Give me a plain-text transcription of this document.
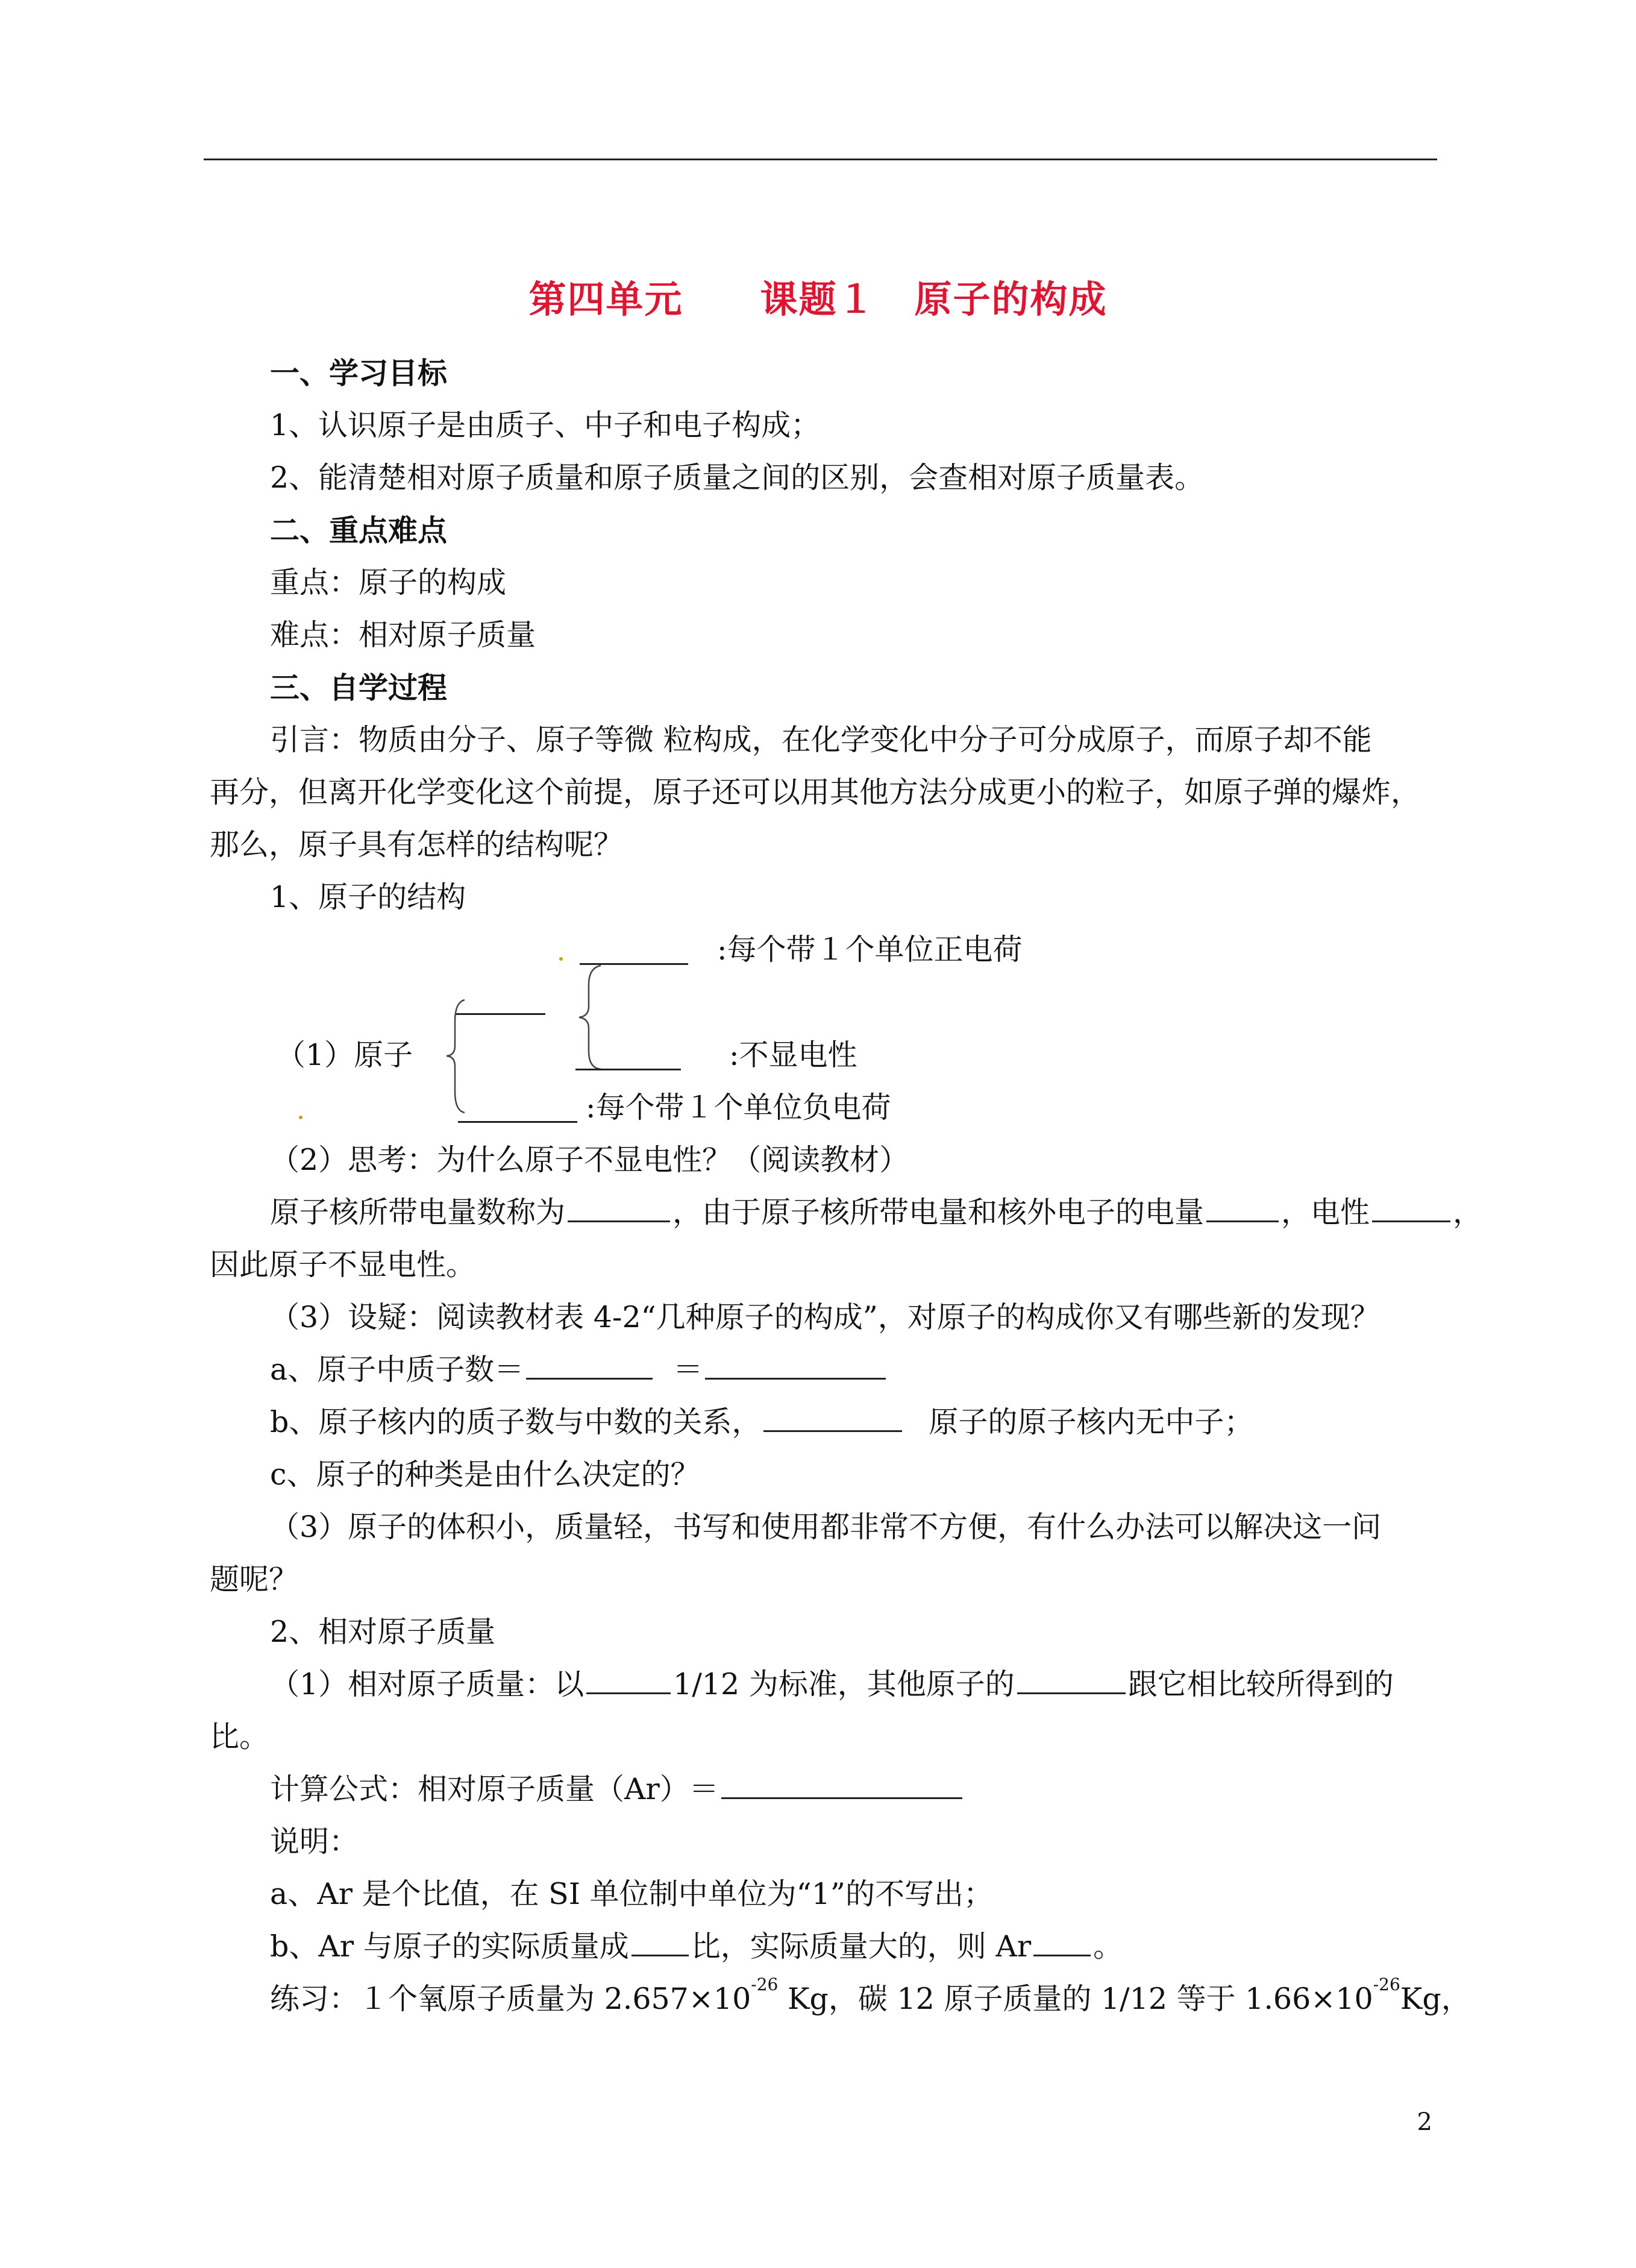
第四单元　　课题１　原子的构成
一、学习目标
1、认识原子是由质子、中子和电子构成；
2、能清楚相对原子质量和原子质量之间的区别，会查相对原子质量表。
二、重点难点
重点：原子的构成
难点：相对原子质量
三、自学过程
引言：物质由分子、原子等微 粒构成，在化学变化中分子可分成原子，而原子却不能
再分，但离开化学变化这个前提，原子还可以用其他方法分成更小的粒子，如原子弹的爆炸，
那么，原子具有怎样的结构呢？
1、原子的结构
:每个带１个单位正电荷
（1）原子	:不显电性
:每个带１个单位负电荷
（2）思考：为什么原子不显电性？（阅读教材）
原子核所带电量数称为	，由于原子核所带电量和核外电子的电量	，电性	，
因此原子不显电性。
（3）设疑：阅读教材表 4-2“几种原子的构成”，对原子的构成你又有哪些新的发现？
a、原子中质子数＝	＝
b、原子核内的质子数与中数的关系，	原子的原子核内无中子；
c、原子的种类是由什么决定的？
（3）原子的体积小，质量轻，书写和使用都非常不方便，有什么办法可以解决这一问
题呢？
2、相对原子质量
（1）相对原子质量：以	1/12 为标准，其他原子的	跟它相比较所得到的
比。
计算公式：相对原子质量（Ar）＝
说明：
a、Ar 是个比值，在 SI 单位制中单位为“1”的不写出；
b、Ar 与原子的实际质量成 比，实际质量大的，则 Ar 。
练习：１个氧原子质量为 $2.657\times 10^{-26}$ Kg，碳 12 原子质量的 1/12 等于 $1.66\times 10^{-26}Kg$，
2
